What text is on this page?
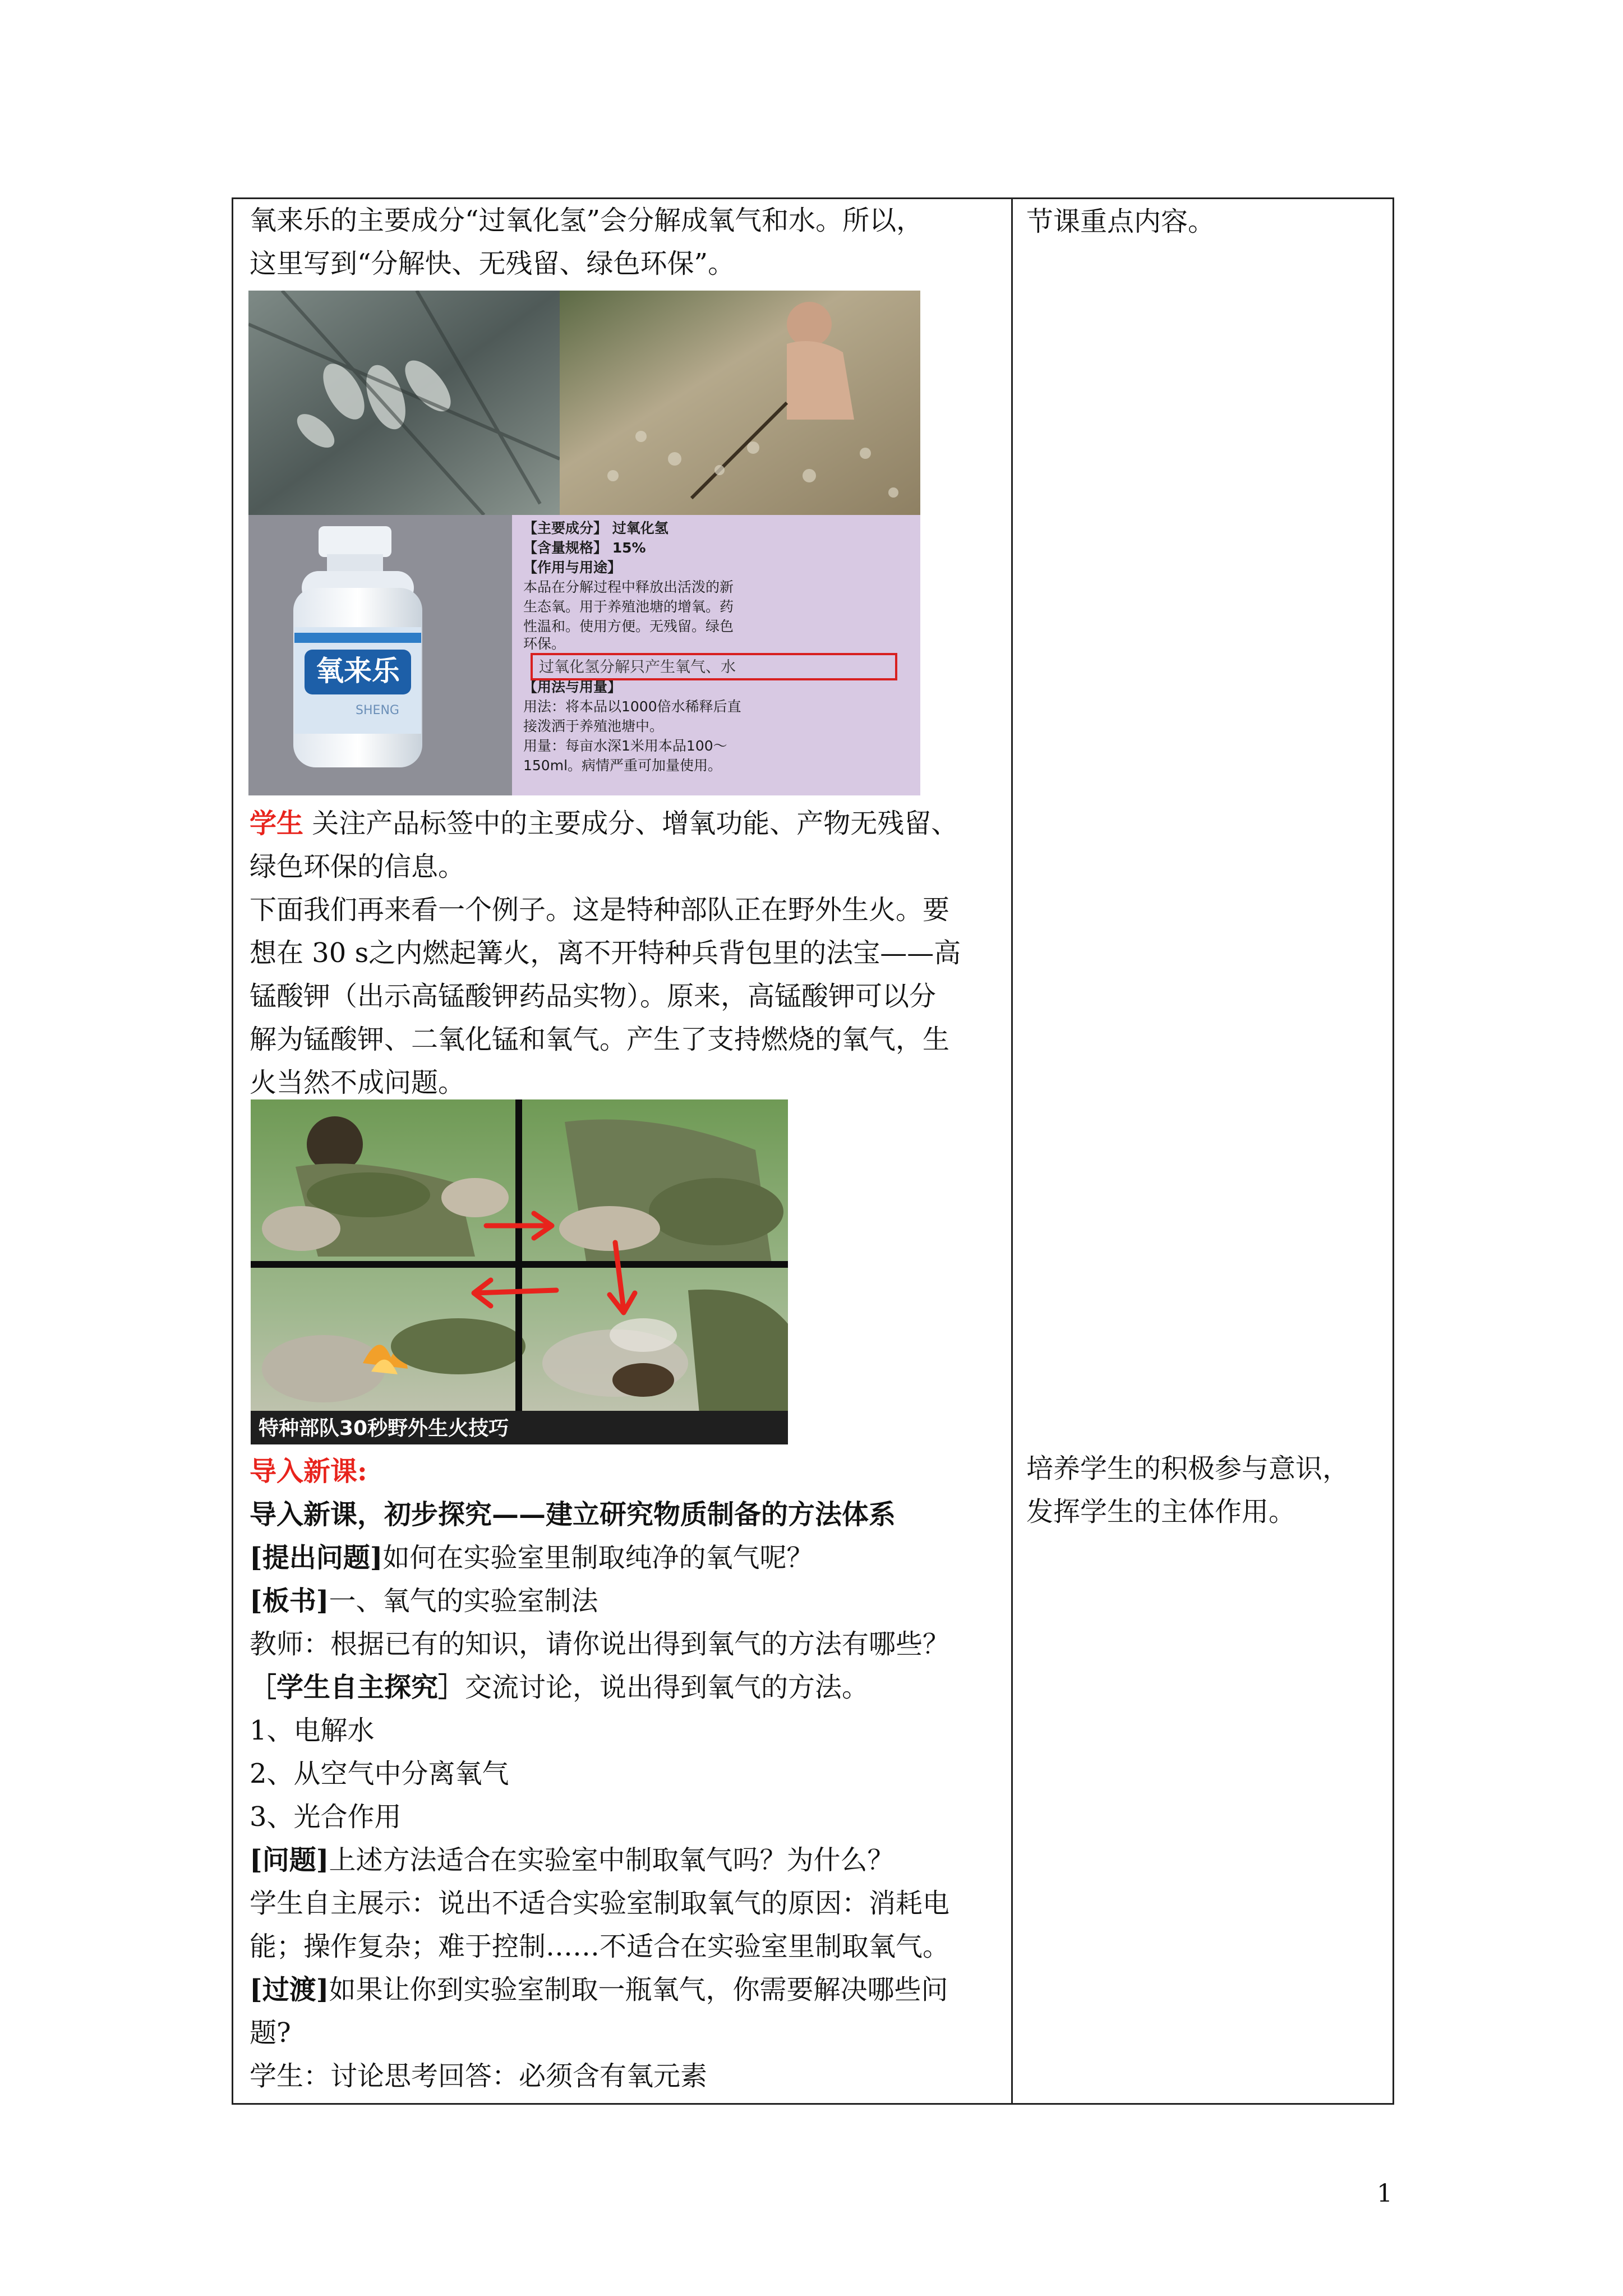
氧来乐的主要成分“过氧化氢”会分解成氧气和水。所以，

这里写到“分解快、无残留、绿色环保”。

氧来乐
SHENG
【主要成分】 过氧化氢
【含量规格】 15%
【作用与用途】
本品在分解过程中释放出活泼的新
生态氧。用于养殖池塘的增氧。药
性温和。使用方便。无残留。绿色
环保。
过氧化氢分解只产生氧气、水
【用法与用量】
用法：将本品以1000倍水稀释后直
接泼洒于养殖池塘中。
用量：每亩水深1米用本品100～
150ml。病情严重可加量使用。

学生 关注产品标签中的主要成分、增氧功能、产物无残留、

绿色环保的信息。

下面我们再来看一个例子。这是特种部队正在野外生火。要

想在 30 s之内燃起篝火，离不开特种兵背包里的法宝——高

锰酸钾（出示高锰酸钾药品实物）。原来，高锰酸钾可以分

解为锰酸钾、二氧化锰和氧气。产生了支持燃烧的氧气，生

火当然不成问题。

特种部队30秒野外生火技巧

导入新课:

导入新课，初步探究——建立研究物质制备的方法体系

[提出问题]如何在实验室里制取纯净的氧气呢？

[板书]一、氧气的实验室制法

教师：根据已有的知识，请你说出得到氧气的方法有哪些？

［学生自主探究］交流讨论，说出得到氧气的方法。

1、电解水

2、从空气中分离氧气

3、光合作用

[问题]上述方法适合在实验室中制取氧气吗？为什么？

学生自主展示：说出不适合实验室制取氧气的原因：消耗电

能；操作复杂；难于控制……不适合在实验室里制取氧气。

[过渡]如果让你到实验室制取一瓶氧气，你需要解决哪些问

题?

学生：讨论思考回答：必须含有氧元素

节课重点内容。

培养学生的积极参与意识，

发挥学生的主体作用。

1
